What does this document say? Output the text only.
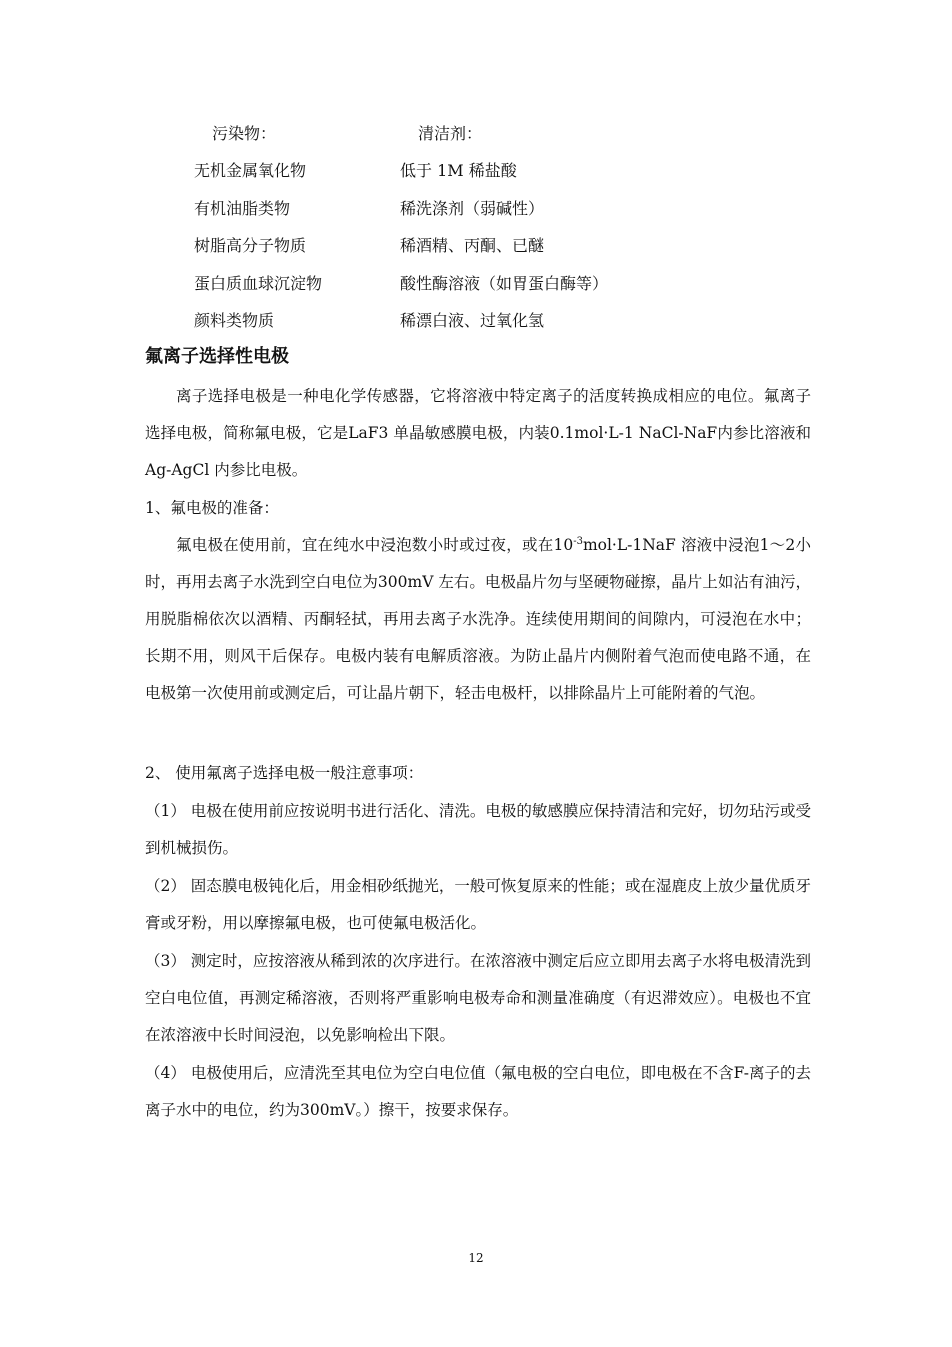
污染物：	清洁剂：
无机金属氧化物	低于 1M 稀盐酸
有机油脂类物	稀洗涤剂（弱碱性）
树脂高分子物质	稀酒精、丙酮、已醚
蛋白质血球沉淀物	酸性酶溶液（如胃蛋白酶等）
颜料类物质	稀漂白液、过氧化氢
氟离子选择性电极

离子选择电极是一种电化学传感器，它将溶液中特定离子的活度转换成相应的电位。氟离子选择电极，简称氟电极，它是LaF3 单晶敏感膜电极，内装0.1mol·L-1 NaCl-NaF内参比溶液和Ag-AgCl 内参比电极。

1、氟电极的准备：

氟电极在使用前，宜在纯水中浸泡数小时或过夜，或在$10^{-3}mol\cdot L-1NaF$ 溶液中浸泡1～2小时，再用去离子水洗到空白电位为300mV 左右。电极晶片勿与坚硬物碰擦，晶片上如沾有油污，用脱脂棉依次以酒精、丙酮轻拭，再用去离子水洗净。连续使用期间的间隙内，可浸泡在水中；长期不用，则风干后保存。电极内装有电解质溶液。为防止晶片内侧附着气泡而使电路不通，在电极第一次使用前或测定后，可让晶片朝下，轻击电极杆，以排除晶片上可能附着的气泡。

2、 使用氟离子选择电极一般注意事项：

（1） 电极在使用前应按说明书进行活化、清洗。电极的敏感膜应保持清洁和完好，切勿玷污或受到机械损伤。

（2） 固态膜电极钝化后，用金相砂纸抛光，一般可恢复原来的性能；或在湿鹿皮上放少量优质牙膏或牙粉，用以摩擦氟电极，也可使氟电极活化。

（3） 测定时，应按溶液从稀到浓的次序进行。在浓溶液中测定后应立即用去离子水将电极清洗到空白电位值，再测定稀溶液，否则将严重影响电极寿命和测量准确度（有迟滞效应）。电极也不宜在浓溶液中长时间浸泡，以免影响检出下限。

（4） 电极使用后，应清洗至其电位为空白电位值（氟电极的空白电位，即电极在不含F-离子的去离子水中的电位，约为300mV。）擦干，按要求保存。

12
